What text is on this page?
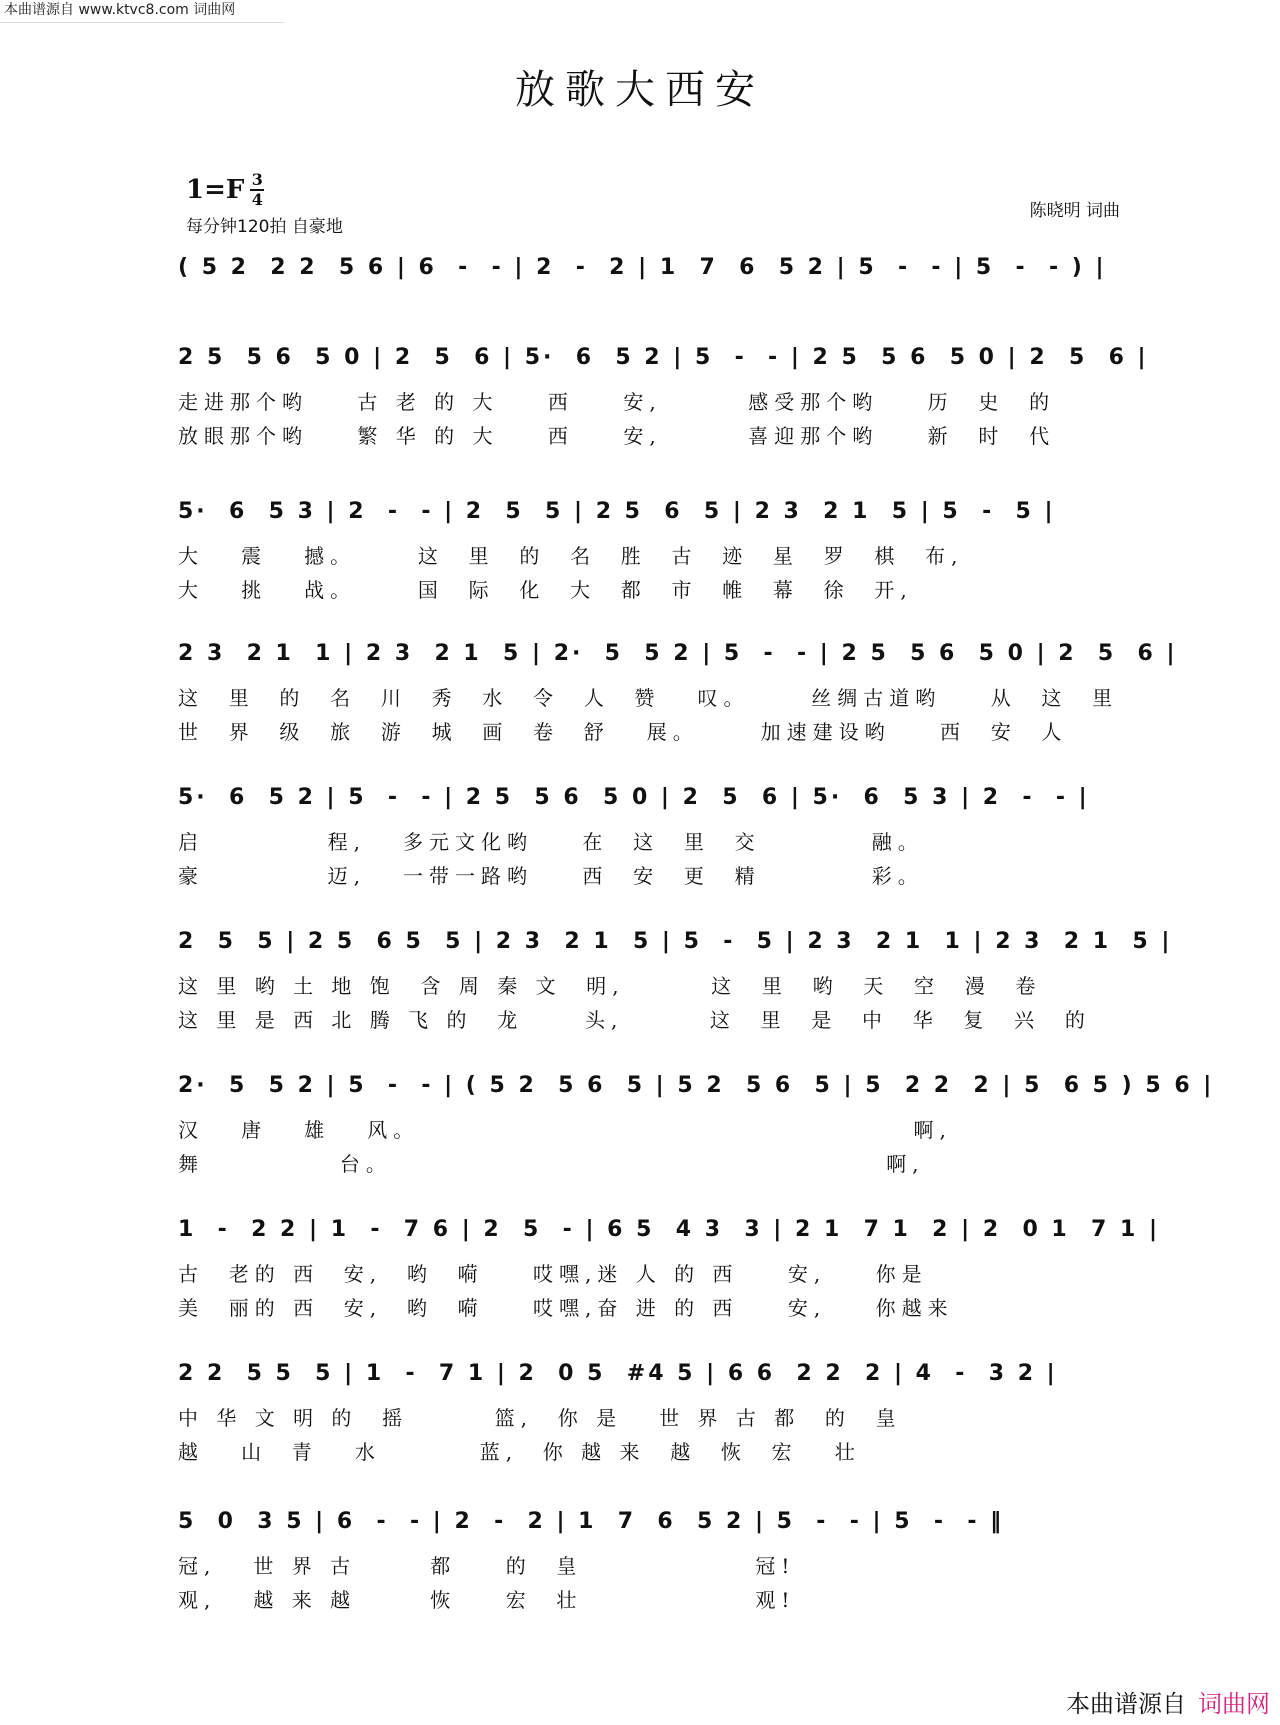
本曲谱源自 www.ktvc8.com 词曲网
放歌大西安
$1=F \frac{3}{4}$
每分钟120拍 自豪地
陈晓明 词曲
( 5 2  2 2  5 6 | 6  -  - | 2  -  2 | 1  7  6  5 2 | 5  -  - | 5  -  - ) |
2 5  5 6  5 0 | 2  5  6 | 5·  6  5 2 | 5  -  - | 2 5  5 6  5 0 | 2  5  6 |
走进那个哟    古 老 的 大    西    安,       感受那个哟    历  史  的
放眼那个哟    繁 华 的 大    西    安,       喜迎那个哟    新  时  代
5·  6  5 3 | 2  -  - | 2  5  5 | 2 5  6  5 | 2 3  2 1  5 | 5  -  5 |
大   震   撼。     这  里  的  名  胜  古  迹  星  罗  棋  布,
大   挑   战。     国  际  化  大  都  市  帷  幕  徐  开,
2 3  2 1  1 | 2 3  2 1  5 | 2·  5  5 2 | 5  -  - | 2 5  5 6  5 0 | 2  5  6 |
这  里  的  名  川  秀  水  令  人  赞   叹。     丝绸古道哟    从  这  里
世  界  级  旅  游  城  画  卷  舒   展。     加速建设哟    西  安  人
5·  6  5 2 | 5  -  - | 2 5  5 6  5 0 | 2  5  6 | 5·  6  5 3 | 2  -  - |
启          程,   多元文化哟    在  这  里  交         融。
豪          迈,   一带一路哟    西  安  更  精         彩。
2  5  5 | 2 5  6 5  5 | 2 3  2 1  5 | 5  -  5 | 2 3  2 1  1 | 2 3  2 1  5 |
这 里 哟 土 地 饱  含 周 秦 文  明,       这  里  哟  天  空  漫  卷
这 里 是 西 北 腾 飞 的  龙     头,       这  里  是  中  华  复  兴  的
2·  5  5 2 | 5  -  - | ( 5 2  5 6  5 | 5 2  5 6  5 | 5  2 2  2 | 5  6 5 ) 5 6 |
汉   唐   雄   风。                                        啊,
舞           台。                                        啊,
1  -  2 2 | 1  -  7 6 | 2  5  - | 6 5  4 3  3 | 2 1  7 1  2 | 2  0 1  7 1 |
古  老的 西  安,  哟  嗬    哎嘿,迷 人 的 西    安,    你是
美  丽的 西  安,  哟  嗬    哎嘿,奋 进 的 西    安,    你越来
2 2  5 5  5 | 1  -  7 1 | 2  0 5  #4 5 | 6 6  2 2  2 | 4  -  3 2 |
中 华 文 明 的  摇       篮,  你 是   世 界 古 都  的  皇
越   山  青   水        蓝,  你 越 来  越  恢  宏   壮
5  0  3 5 | 6  -  - | 2  -  2 | 1  7  6  5 2 | 5  -  - | 5  -  - ‖
冠,   世 界 古      都    的  皇              冠!
观,   越 来 越      恢    宏  壮              观!
本曲谱源自 词曲网
